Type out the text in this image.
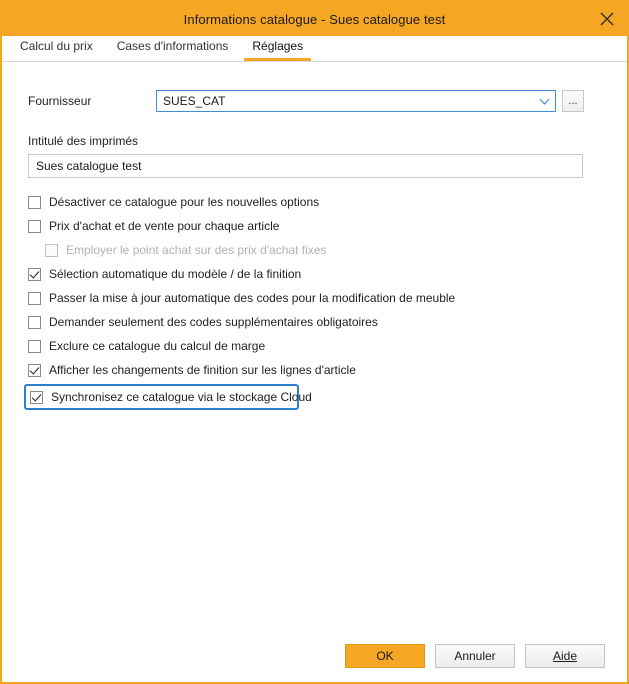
Informations catalogue - Sues catalogue test
Calcul du prix	Cases d'informations	Réglages
Fournisseur	SUES_CAT	...
Intitulé des imprimés
Sues catalogue test
Désactiver ce catalogue pour les nouvelles options
Prix d'achat et de vente pour chaque article
Employer le point achat sur des prix d'achat fixes
Sélection automatique du modèle / de la finition
Passer la mise à jour automatique des codes pour la modification de meuble
Demander seulement des codes supplémentaires obligatoires
Exclure ce catalogue du calcul de marge
Afficher les changements de finition sur les lignes d'article
Synchronisez ce catalogue via le stockage Cloud
OK	Annuler	Aide
